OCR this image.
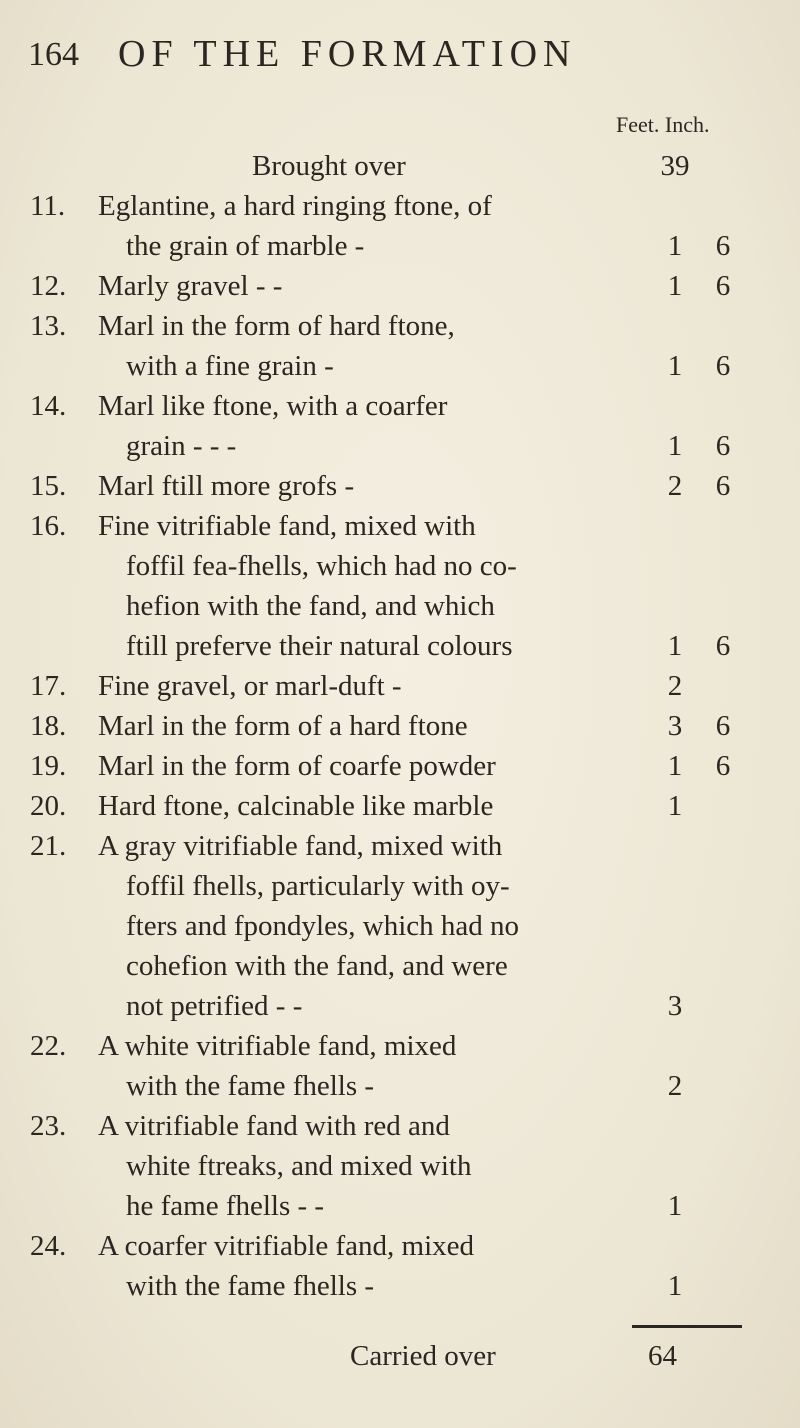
164 OF THE FORMATION
Feet. Inch.
Brought over	39
11.	Eglantine, a hard ringing ftone, of
the grain of marble -	1 6
12.	Marly gravel - -	1 6
13.	Marl in the form of hard ftone,
with a fine grain -	1 6
14.	Marl like ftone, with a coarfer
grain - - -	1 6
15.	Marl ftill more grofs -	2 6
16.	Fine vitrifiable fand, mixed with
foffil fea-fhells, which had no co-
hefion with the fand, and which
ftill preferve their natural colours	1 6
17.	Fine gravel, or marl-duft -	2
18.	Marl in the form of a hard ftone	3 6
19.	Marl in the form of coarfe powder	1 6
20.	Hard ftone, calcinable like marble	1
21.	A gray vitrifiable fand, mixed with
foffil fhells, particularly with oy-
fters and fpondyles, which had no
cohefion with the fand, and were
not petrified - -	3
22.	A white vitrifiable fand, mixed
with the fame fhells -	2
23.	A vitrifiable fand with red and
white ftreaks, and mixed with
he fame fhells - -	1
24.	A coarfer vitrifiable fand, mixed
with the fame fhells -	1
Carried over	64
